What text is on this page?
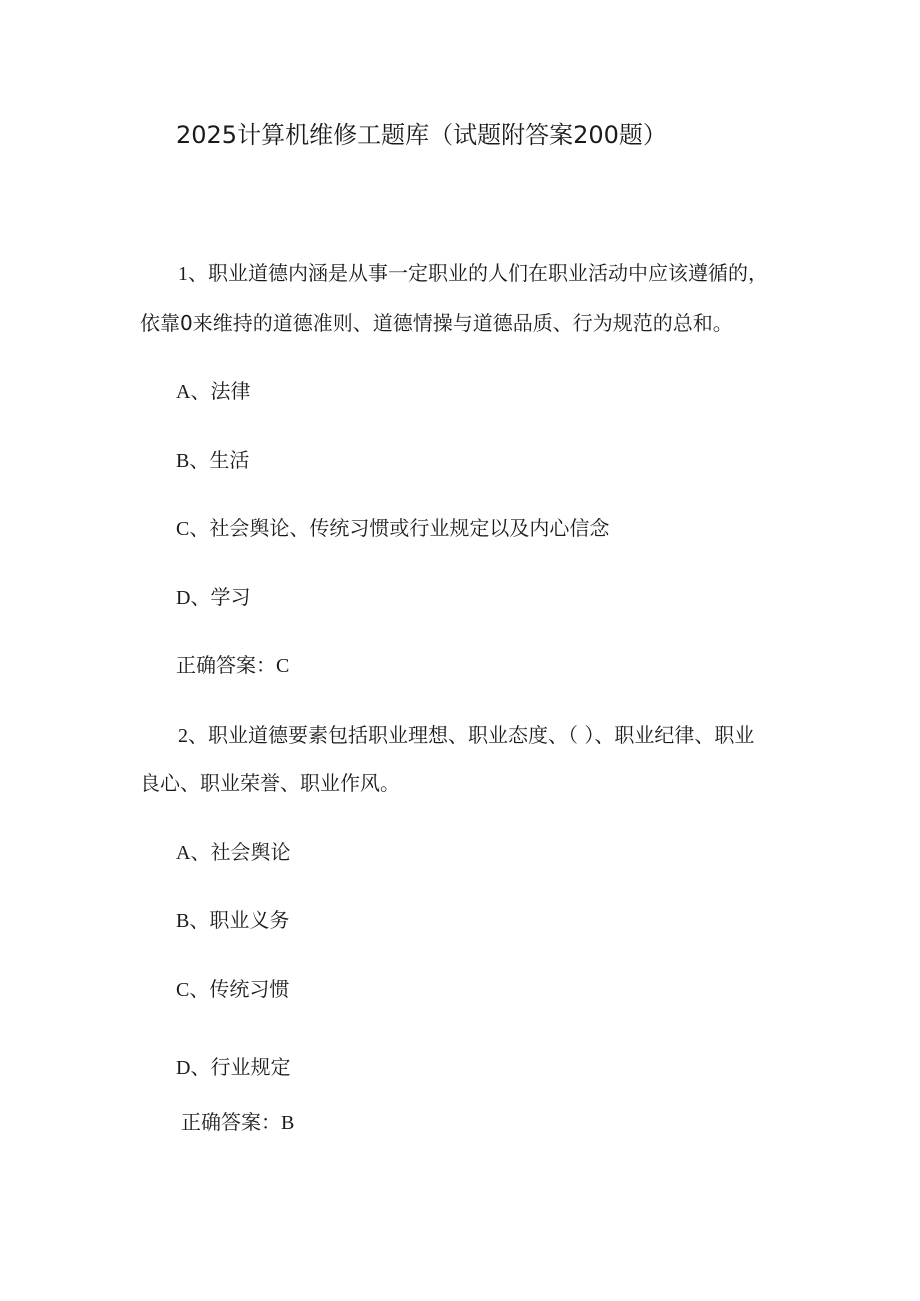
2025计算机维修工题库（试题附答案200题）
1、职业道德内涵是从事一定职业的人们在职业活动中应该遵循的，
依靠0来维持的道德准则、道德情操与道德品质、行为规范的总和。
A、法律
B、生活
C、社会舆论、传统习惯或行业规定以及内心信念
D、学习
正确答案：C
2、职业道德要素包括职业理想、职业态度、（ ）、职业纪律、职业
良心、职业荣誉、职业作风。
A、社会舆论
B、职业义务
C、传统习惯
D、行业规定
正确答案：B
